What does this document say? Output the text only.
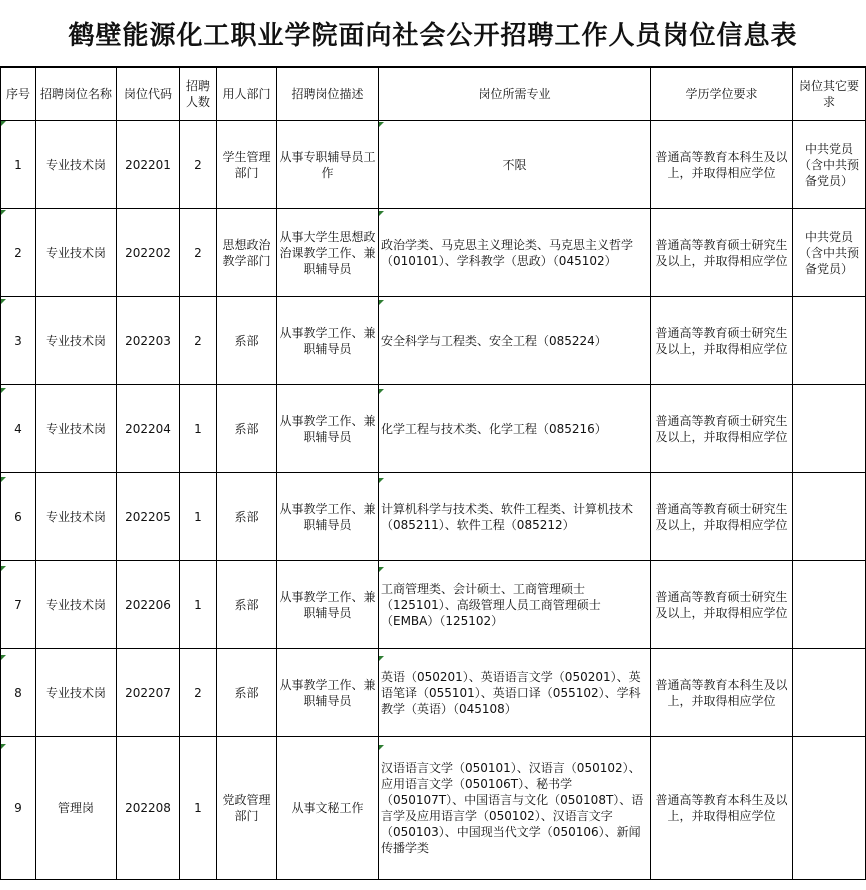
鹤壁能源化工职业学院面向社会公开招聘工作人员岗位信息表
序号	招聘岗位名称	岗位代码	招聘人数	用人部门	招聘岗位描述	岗位所需专业	学历学位要求	岗位其它要求
1	专业技术岗	202201	2	学生管理部门	从事专职辅导员工作	不限	普通高等教育本科生及以上，并取得相应学位	中共党员（含中共预备党员）
2	专业技术岗	202202	2	思想政治教学部门	从事大学生思想政治课教学工作、兼职辅导员	政治学类、马克思主义理论类、马克思主义哲学（010101）、学科教学（思政）（045102）	普通高等教育硕士研究生及以上，并取得相应学位	中共党员（含中共预备党员）
3	专业技术岗	202203	2	系部	从事教学工作、兼职辅导员	安全科学与工程类、安全工程（085224）	普通高等教育硕士研究生及以上，并取得相应学位	
4	专业技术岗	202204	1	系部	从事教学工作、兼职辅导员	化学工程与技术类、化学工程（085216）	普通高等教育硕士研究生及以上，并取得相应学位	
6	专业技术岗	202205	1	系部	从事教学工作、兼职辅导员	计算机科学与技术类、软件工程类、计算机技术（085211）、软件工程（085212）	普通高等教育硕士研究生及以上，并取得相应学位	
7	专业技术岗	202206	1	系部	从事教学工作、兼职辅导员	工商管理类、会计硕士、工商管理硕士（125101）、高级管理人员工商管理硕士（EMBA）（125102）	普通高等教育硕士研究生及以上，并取得相应学位	
8	专业技术岗	202207	2	系部	从事教学工作、兼职辅导员	英语（050201）、英语语言文学（050201）、英语笔译（055101）、英语口译（055102）、学科教学（英语）（045108）	普通高等教育本科生及以上，并取得相应学位	
9	管理岗	202208	1	党政管理部门	从事文秘工作	汉语语言文学（050101）、汉语言（050102）、应用语言文学（050106T）、秘书学（050107T）、中国语言与文化（050108T）、语言学及应用语言学（050102）、汉语言文字（050103）、中国现当代文学（050106）、新闻传播学类	普通高等教育本科生及以上，并取得相应学位	
